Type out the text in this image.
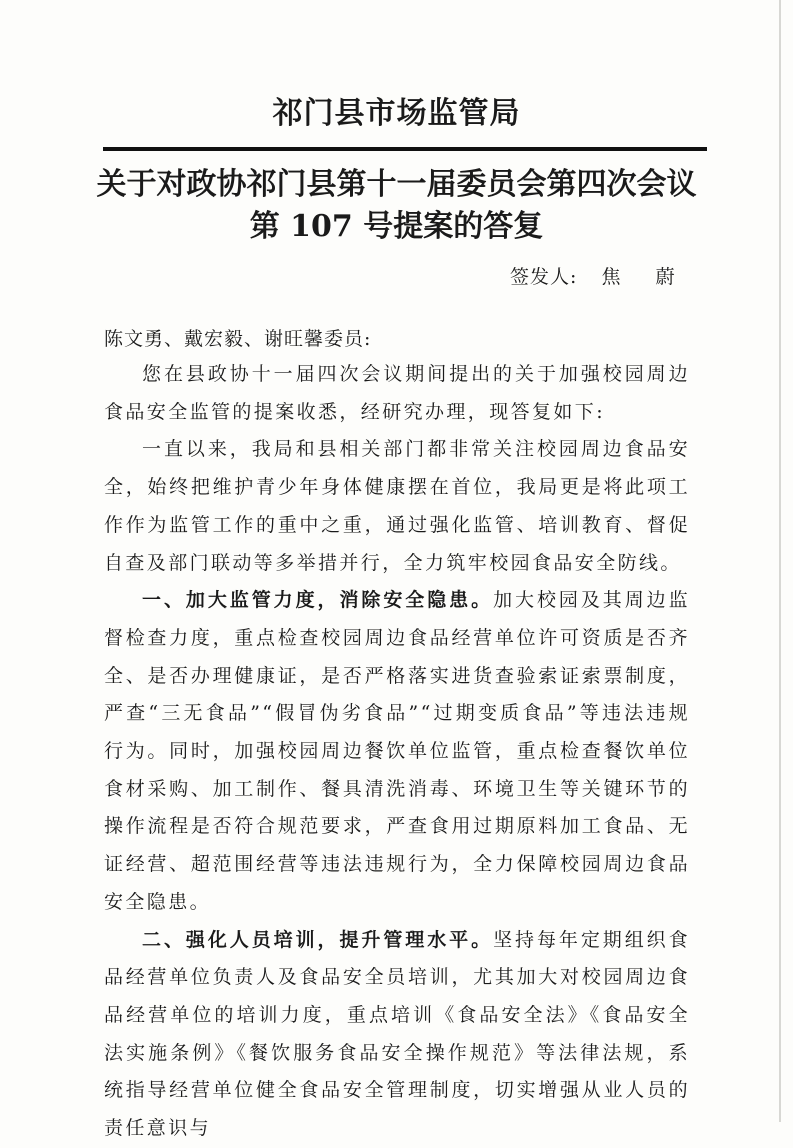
祁门县市场监管局
关于对政协祁门县第十一届委员会第四次会议
第 107 号提案的答复
签发人: 焦 蔚
陈文勇、戴宏毅、谢旺馨委员:

您在县政协十一届四次会议期间提出的关于加强校园周边食品安全监管的提案收悉，经研究办理，现答复如下:

一直以来，我局和县相关部门都非常关注校园周边食品安全，始终把维护青少年身体健康摆在首位，我局更是将此项工作作为监管工作的重中之重，通过强化监管、培训教育、督促自查及部门联动等多举措并行，全力筑牢校园食品安全防线。

一、加大监管力度，消除安全隐患。加大校园及其周边监督检查力度，重点检查校园周边食品经营单位许可资质是否齐全、是否办理健康证，是否严格落实进货查验索证索票制度，严查“三无食品”“假冒伪劣食品”“过期变质食品”等违法违规行为。同时，加强校园周边餐饮单位监管，重点检查餐饮单位食材采购、加工制作、餐具清洗消毒、环境卫生等关键环节的操作流程是否符合规范要求，严查食用过期原料加工食品、无证经营、超范围经营等违法违规行为，全力保障校园周边食品安全隐患。

二、强化人员培训，提升管理水平。坚持每年定期组织食品经营单位负责人及食品安全员培训，尤其加大对校园周边食品经营单位的培训力度，重点培训《食品安全法》《食品安全法实施条例》《餐饮服务食品安全操作规范》等法律法规，系统指导经营单位健全食品安全管理制度，切实增强从业人员的责任意识与
